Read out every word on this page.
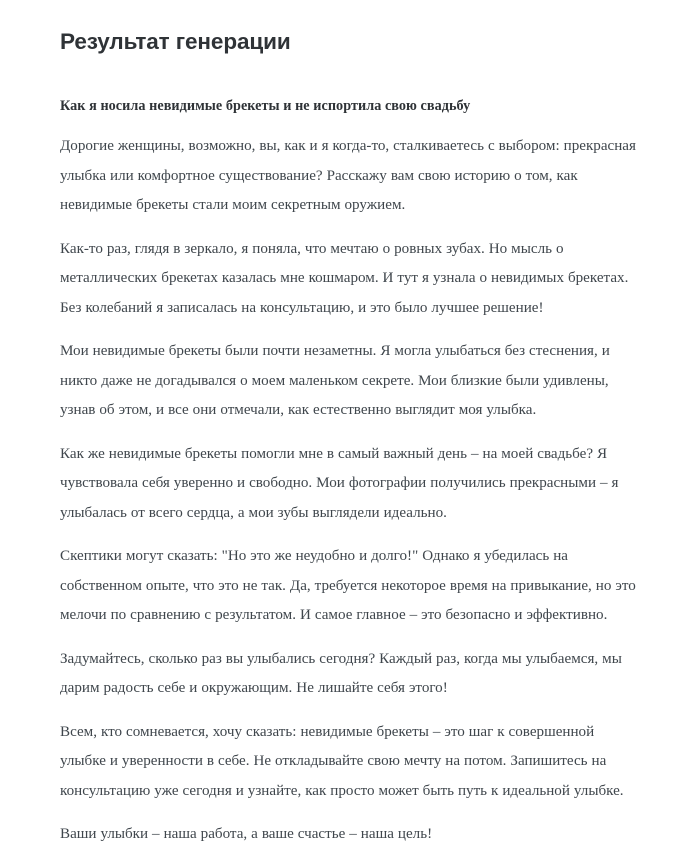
Результат генерации
Как я носила невидимые брекеты и не испортила свою свадьбу

Дорогие женщины, возможно, вы, как и я когда-то, сталкиваетесь с выбором: прекрасная улыбка или комфортное существование? Расскажу вам свою историю о том, как невидимые брекеты стали моим секретным оружием.

Как-то раз, глядя в зеркало, я поняла, что мечтаю о ровных зубах. Но мысль о металлических брекетах казалась мне кошмаром. И тут я узнала о невидимых брекетах. Без колебаний я записалась на консультацию, и это было лучшее решение!

Мои невидимые брекеты были почти незаметны. Я могла улыбаться без стеснения, и никто даже не догадывался о моем маленьком секрете. Мои близкие были удивлены, узнав об этом, и все они отмечали, как естественно выглядит моя улыбка.

Как же невидимые брекеты помогли мне в самый важный день – на моей свадьбе? Я чувствовала себя уверенно и свободно. Мои фотографии получились прекрасными – я улыбалась от всего сердца, а мои зубы выглядели идеально.

Скептики могут сказать: "Но это же неудобно и долго!" Однако я убедилась на собственном опыте, что это не так. Да, требуется некоторое время на привыкание, но это мелочи по сравнению с результатом. И самое главное – это безопасно и эффективно.

Задумайтесь, сколько раз вы улыбались сегодня? Каждый раз, когда мы улыбаемся, мы дарим радость себе и окружающим. Не лишайте себя этого!

Всем, кто сомневается, хочу сказать: невидимые брекеты – это шаг к совершенной улыбке и уверенности в себе. Не откладывайте свою мечту на потом. Запишитесь на консультацию уже сегодня и узнайте, как просто может быть путь к идеальной улыбке.

Ваши улыбки – наша работа, а ваше счастье – наша цель!
